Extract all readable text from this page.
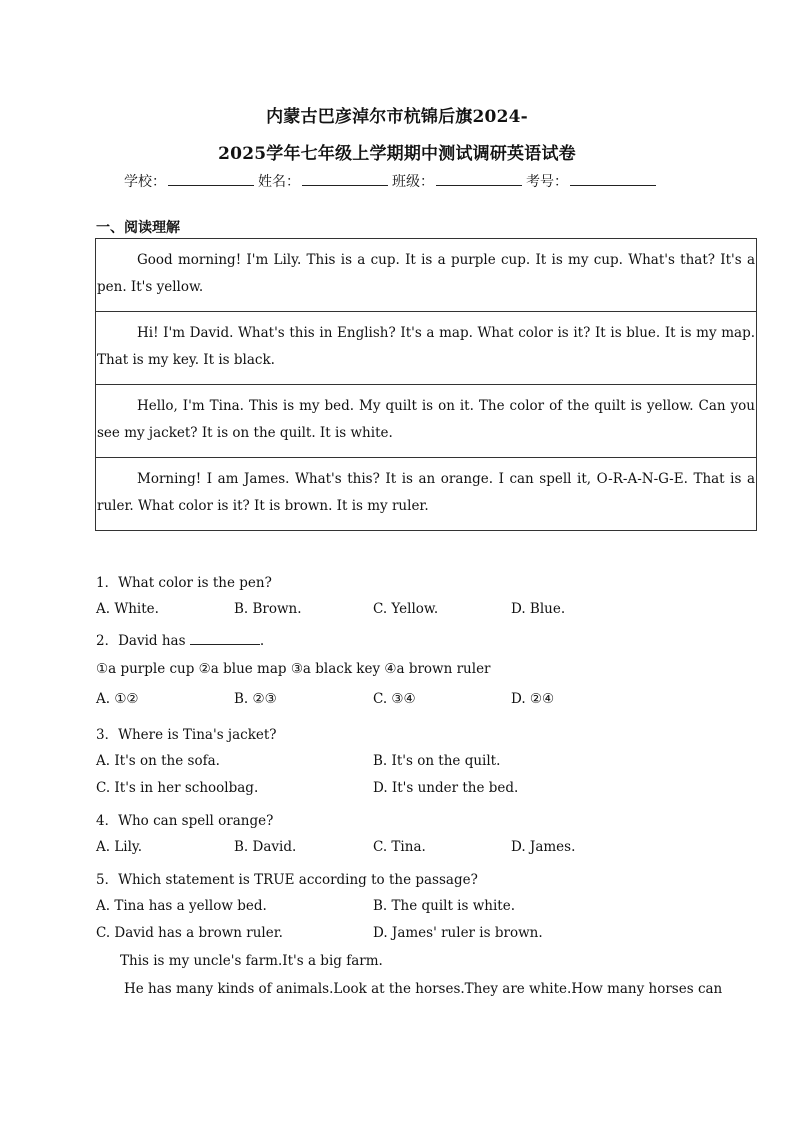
内蒙古巴彦淖尔市杭锦后旗2024-
2025学年七年级上学期期中测试调研英语试卷
学校：	姓名：	班级：	考号：
一、阅读理解
Good morning! I'm Lily. This is a cup. It is a purple cup. It is my cup. What's that? It's a pen. It's yellow.
Hi! I'm David. What's this in English? It's a map. What color is it? It is blue. It is my map. That is my key. It is black.
Hello, I'm Tina. This is my bed. My quilt is on it. The color of the quilt is yellow. Can you see my jacket? It is on the quilt. It is white.
Morning! I am James. What's this? It is an orange. I can spell it, O-R-A-N-G-E. That is a ruler. What color is it? It is brown. It is my ruler.
1．What color is the pen?
A. White.	B. Brown.	C. Yellow.	D. Blue.
2．David has	.
①a purple cup ②a blue map ③a black key ④a brown ruler
A. ①②	B. ②③	C. ③④	D. ②④
3．Where is Tina's jacket?
A. It's on the sofa.	B. It's on the quilt.
C. It's in her schoolbag.	D. It's under the bed.
4．Who can spell orange?
A. Lily.	B. David.	C. Tina.	D. James.
5．Which statement is TRUE according to the passage?
A. Tina has a yellow bed.	B. The quilt is white.
C. David has a brown ruler.	D. James' ruler is brown.
This is my uncle's farm.It's a big farm.
He has many kinds of animals.Look at the horses.They are white.How many horses can
